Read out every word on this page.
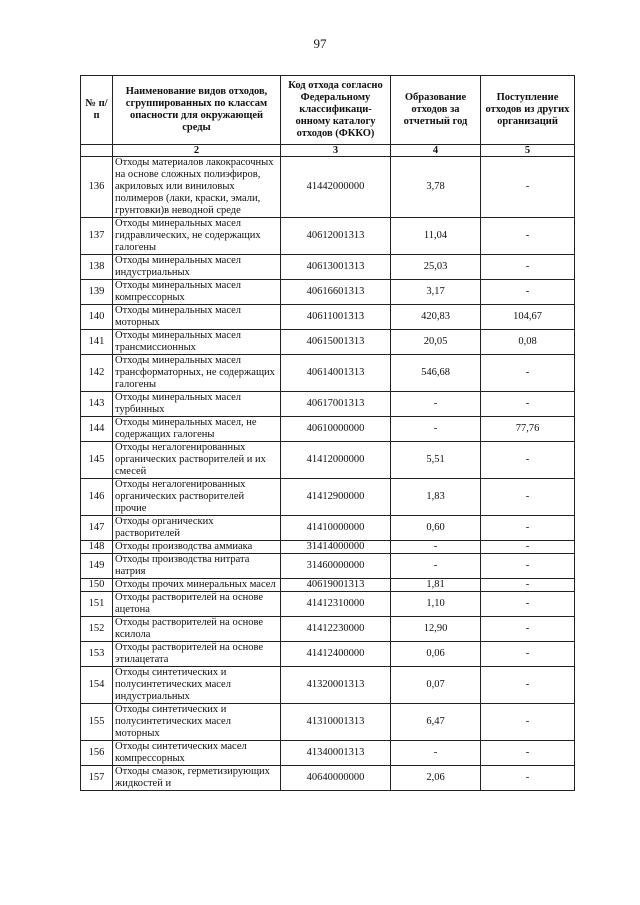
97
№ п/п	Наименование видов отходов, сгруппированных по классам опасности для окружающей среды	Код отхода согласно Федеральному классификаци-онному каталогу отходов (ФККО)	Образование отходов за отчетный год	Поступление отходов из других организаций
	2	3	4	5
136	Отходы материалов лакокрасочных на основе сложных полиэфиров, акриловых или виниловых полимеров (лаки, краски, эмали, грунтовки)в неводной среде	41442000000	3,78	-
137	Отходы минеральных масел гидравлических, не содержащих галогены	40612001313	11,04	-
138	Отходы минеральных масел индустриальных	40613001313	25,03	-
139	Отходы минеральных масел компрессорных	40616601313	3,17	-
140	Отходы минеральных масел моторных	40611001313	420,83	104,67
141	Отходы минеральных масел трансмиссионных	40615001313	20,05	0,08
142	Отходы минеральных масел трансформаторных, не содержащих галогены	40614001313	546,68	-
143	Отходы минеральных масел турбинных	40617001313	-	-
144	Отходы минеральных масел, не содержащих галогены	40610000000	-	77,76
145	Отходы негалогенированных органических растворителей и их смесей	41412000000	5,51	-
146	Отходы негалогенированных органических растворителей прочие	41412900000	1,83	-
147	Отходы органических растворителей	41410000000	0,60	-
148	Отходы производства аммиака	31414000000	-	-
149	Отходы производства нитрата натрия	31460000000	-	-
150	Отходы прочих минеральных масел	40619001313	1,81	-
151	Отходы растворителей на основе ацетона	41412310000	1,10	-
152	Отходы растворителей на основе ксилола	41412230000	12,90	-
153	Отходы растворителей на основе этилацетата	41412400000	0,06	-
154	Отходы синтетических и полусинтетических масел индустриальных	41320001313	0,07	-
155	Отходы синтетических и полусинтетических масел моторных	41310001313	6,47	-
156	Отходы синтетических масел компрессорных	41340001313	-	-
157	Отходы смазок, герметизирующих жидкостей и	40640000000	2,06	-
